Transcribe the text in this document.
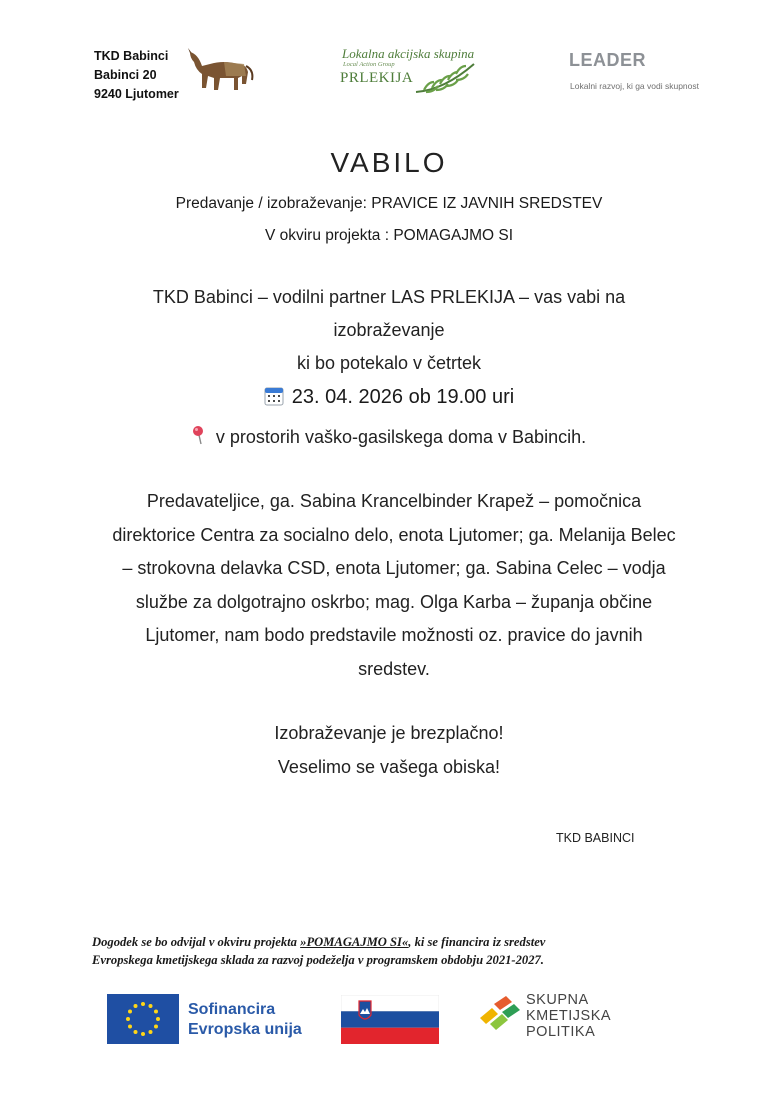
TKD Babinci
Babinci 20
9240 Ljutomer
Lokalna akcijska skupina
Local Action Group
PRLEKIJA
LEADER
Lokalni razvoj, ki ga vodi skupnost
VABILO
Predavanje / izobraževanje: PRAVICE IZ JAVNIH SREDSTEV
V okviru projekta : POMAGAJMO SI
TKD Babinci – vodilni partner LAS PRLEKIJA – vas vabi na
izobraževanje
ki bo potekalo v četrtek
23. 04. 2026 ob 19.00 uri
v prostorih vaško-gasilskega doma v Babincih.
Predavateljice, ga. Sabina Krancelbinder Krapež – pomočnica
direktorice Centra za socialno delo, enota Ljutomer; ga. Melanija Belec
– strokovna delavka CSD, enota Ljutomer; ga. Sabina Celec – vodja
službe za dolgotrajno oskrbo; mag. Olga Karba – županja občine
Ljutomer, nam bodo predstavile možnosti oz. pravice do javnih
sredstev.
Izobraževanje je brezplačno!
Veselimo se vašega obiska!
TKD BABINCI
Dogodek se bo odvijal v okviru projekta »POMAGAJMO SI«, ki se financira iz sredstev
Evropskega kmetijskega sklada za razvoj podeželja v programskem obdobju 2021-2027.
Sofinancira
Evropska unija
SKUPNA
KMETIJSKA
POLITIKA
